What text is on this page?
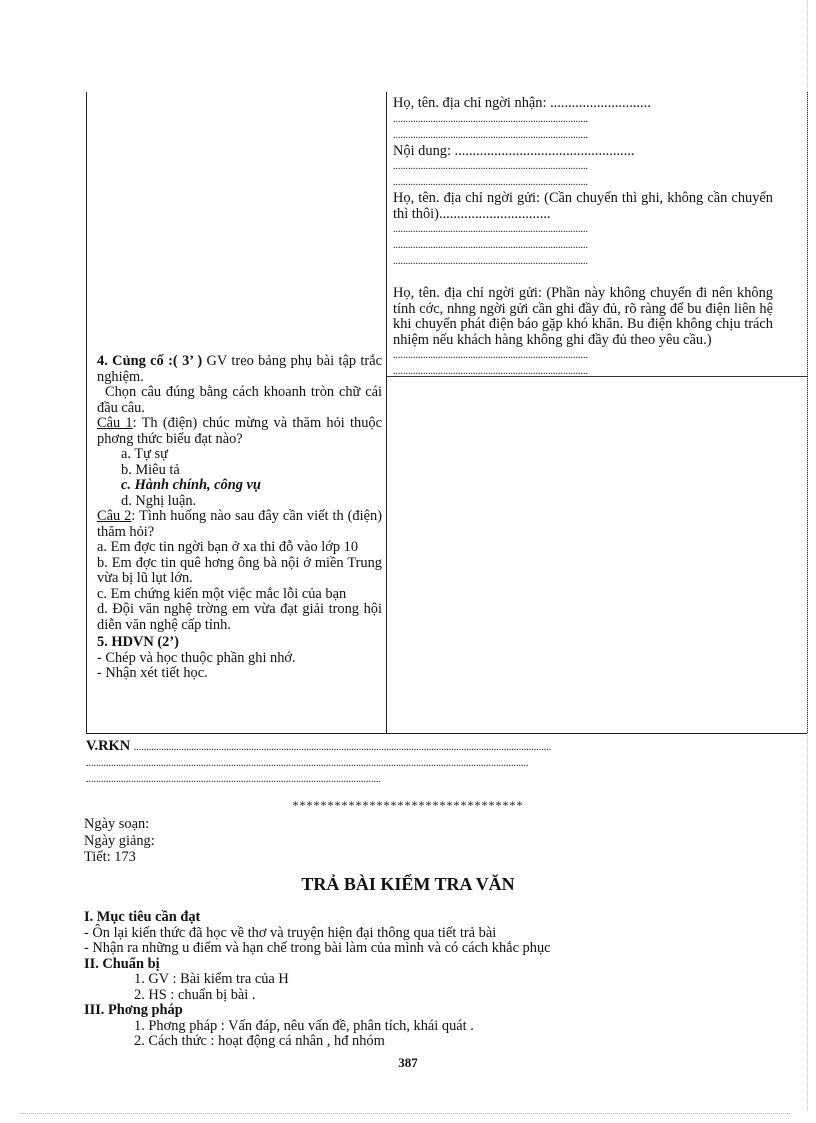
Họ, tên. địa chỉ ngời nhận: ............................

..............................................................................
..............................................................................

Nội dung: ..................................................

..............................................................................
..............................................................................

Họ, tên. địa chỉ ngời gửi: (Cần chuyển thì ghi, không cần chuyển thì thôi)...............................

..............................................................................
..............................................................................
..............................................................................

Họ, tên. địa chỉ ngời gửi: (Phần này không chuyển đi nên không tính cớc, nhng ngời gửi cần ghi đầy đủ, rõ ràng để bu điện liên hệ khi chuyển phát điện báo gặp khó khăn. Bu điện không chịu trách nhiệm nếu khách hàng không ghi đầy đủ theo yêu cầu.)

..............................................................................
..............................................................................

4. Củng cố :( 3’ ) GV treo bảng phụ bài tập trắc nghiệm.

Chọn câu đúng bằng cách khoanh tròn chữ cái đầu câu.

Câu 1: Th (điện) chúc mừng và thăm hỏi thuộc phơng thức biểu đạt nào?

a. Tự sự
b. Miêu tả
c. Hành chính, công vụ
d. Nghị luận.

Câu 2: Tình huống nào sau đây cần viết th (điện) thăm hỏi?

a. Em đợc tin ngời bạn ở xa thi đỗ vào lớp 10

b. Em đợc tin quê hơng ông bà nội ở miền Trung vừa bị lũ lụt lớn.

c. Em chứng kiến một việc mắc lỗi của bạn

d. Đội văn nghệ trờng em vừa đạt giải trong hội diễn văn nghệ cấp tỉnh.

5. HDVN (2’)

- Chép và học thuộc phần ghi nhớ.

- Nhận xét tiết học.

V.RKN .......................................................................................................................................................................
.................................................................................................................................................................................
......................................................................................................................
*********************************
Ngày soạn:
Ngày giảng:
Tiết: 173
TRẢ BÀI KIỂM TRA VĂN
I. Mục tiêu cần đạt
- Ôn lại kiến thức đã học về thơ và truyện hiện đại thông qua tiết trả bài
- Nhận ra những u điểm và hạn chế trong bài làm của mình và có cách khắc phục
II. Chuẩn bị
1. GV : Bài kiểm tra của H
2. HS : chuẩn bị bài .
III. Phơng pháp
1. Phơng pháp : Vấn đáp, nêu vấn đề, phân tích, khái quát .
2. Cách thức : hoạt động cá nhân , hđ nhóm
387
